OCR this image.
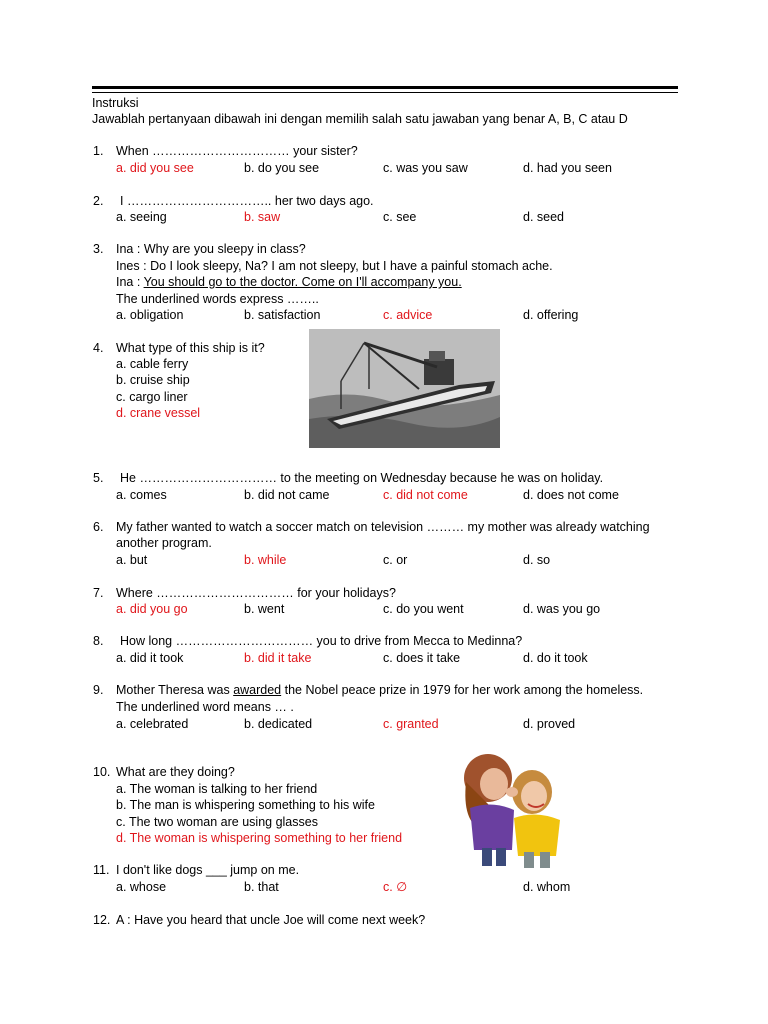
Instruksi
Jawablah pertanyaan dibawah ini dengan memilih salah satu jawaban yang benar A, B, C atau D
1. When …………………………… your sister?
a. did you see	b. do you see	c. was you saw	d. had you seen
2. I …………………………….. her two days ago.
a. seeing	b. saw	c. see	d. seed
3. Ina : Why are you sleepy in class?
Ines : Do I look sleepy, Na? I am not sleepy, but I have a painful stomach ache.
Ina : You should go to the doctor. Come on I'll accompany you.
The underlined words express ……..
a. obligation	b. satisfaction	c. advice	d. offering
4. What type of this ship is it?
a. cable ferry
b. cruise ship
c. cargo liner
d. crane vessel
5. He …………………………… to the meeting on Wednesday because he was on holiday.
a. comes	b. did not came	c. did not come	d. does not come
6. My father wanted to watch a soccer match on television ……… my mother was already watching
another program.
a. but	b. while	c. or	d. so
7. Where …………………………… for your holidays?
a. did you go	b. went	c. do you went	d. was you go
8. How long …………………………… you to drive from Mecca to Medinna?
a. did it took	b. did it take	c. does it take	d. do it took
9. Mother Theresa was awarded the Nobel peace prize in 1979 for her work among the homeless.
The underlined word means … .
a. celebrated	b. dedicated	c. granted	d. proved
10. What are they doing?
a. The woman is talking to her friend
b. The man is whispering something to his wife
c. The two woman are using glasses
d. The woman is whispering something to her friend
11. I don't like dogs ___ jump on me.
a. whose	b. that	c. ∅	d. whom
12. A : Have you heard that uncle Joe will come next week?
